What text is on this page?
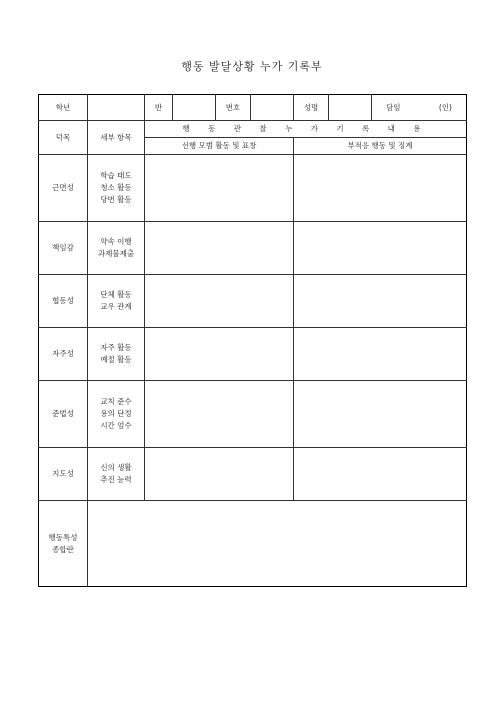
행동 발달상황 누가 기록부
학년		반		번호		성명		담임 (인)

덕목	세부 항목	행 동 관 찰 누 가 기 록 내 용						
		선행 모범 활동 및 표창				부적응 행동 및 징계		
근면성	학습 태도
청소 활동
당번 활동							

책임감	약속 이행
과제물제출							

협동성	단체 활동
교우 관계							

자주성	자주 활동
예절 활동							

준법성	교칙 준수
용의 단정
시간 엄수							

지도성	신의 생활
추진 능력							

행동특성
종합란								
